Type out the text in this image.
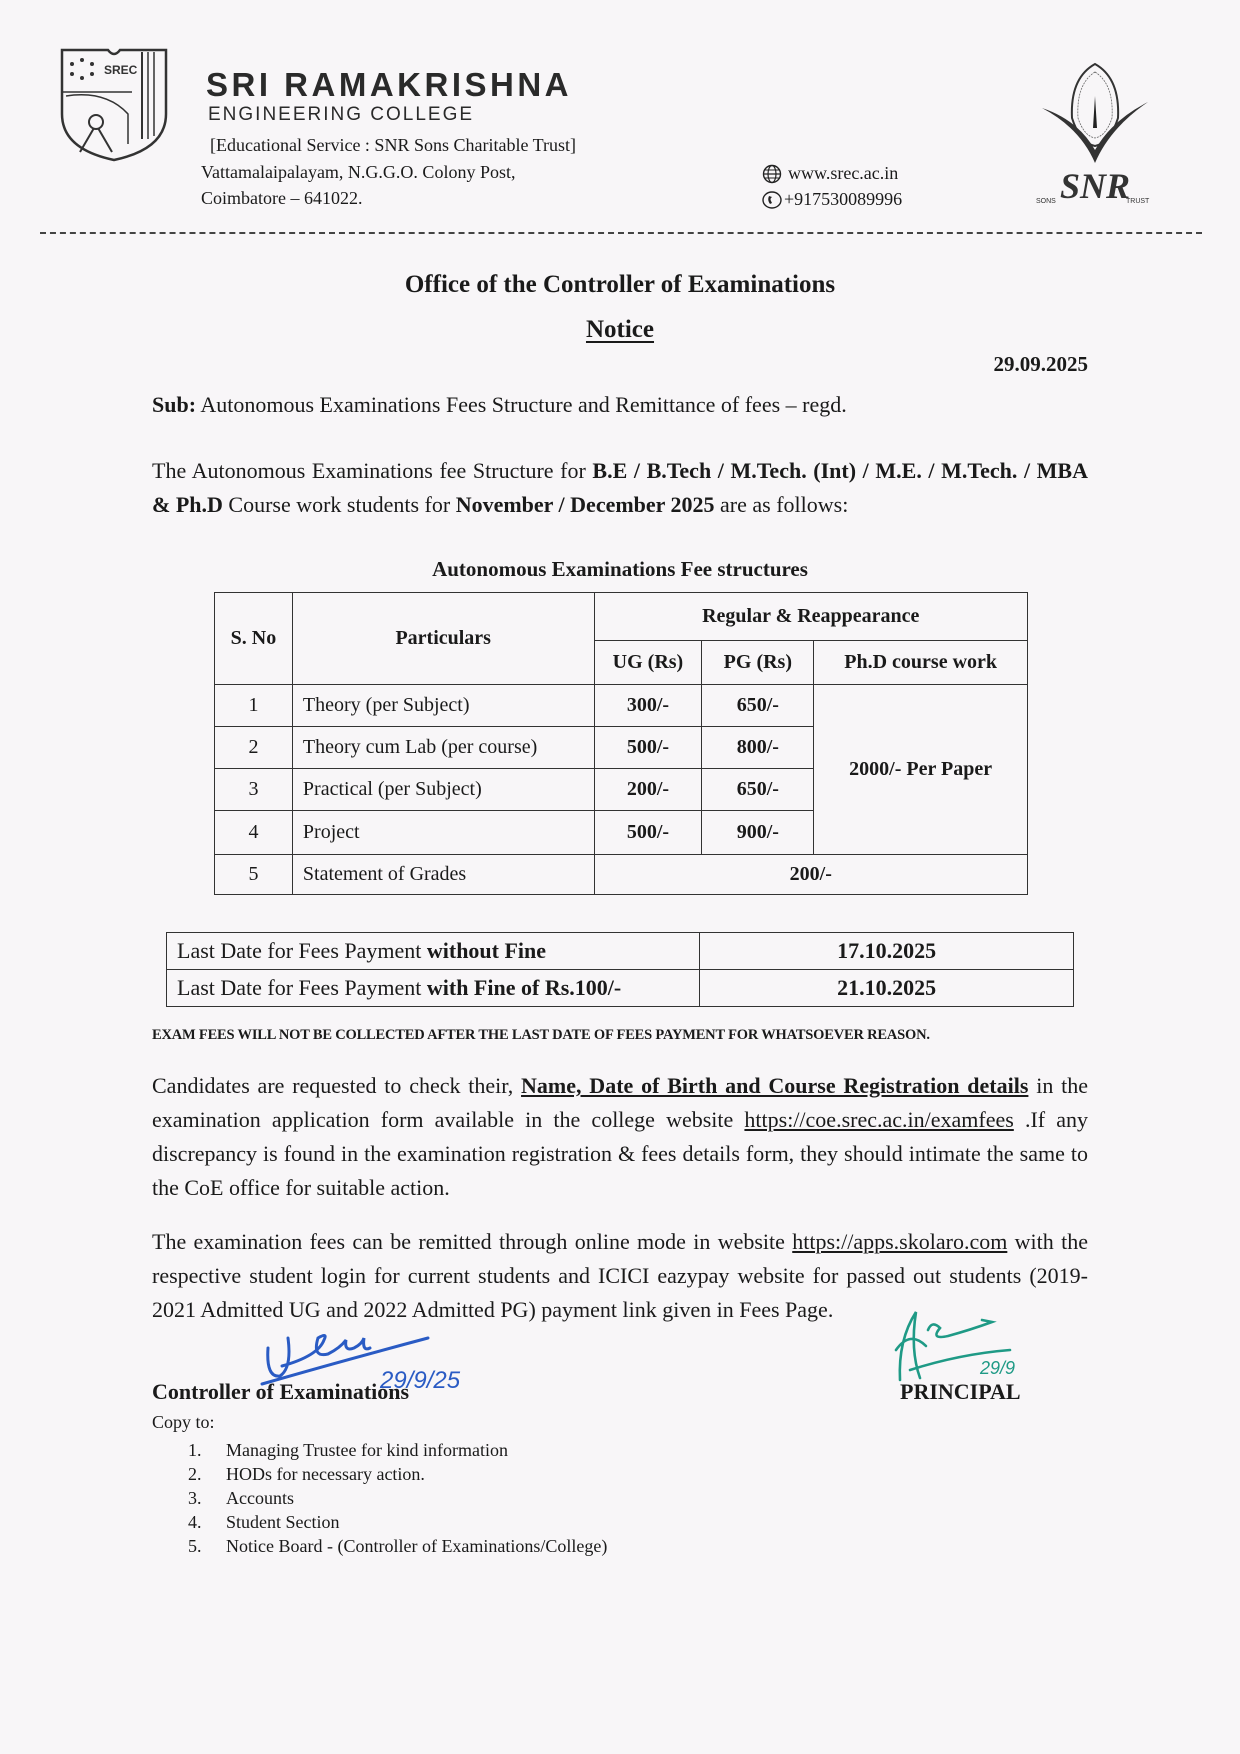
SREC SRI RAMAKRISHNA
ENGINEERING COLLEGE
[Educational Service : SNR Sons Charitable Trust]
Vattamalaipalayam, N.G.G.O. Colony Post,
Coimbatore – 641022.
www.srec.ac.in
+917530089996	SNR
SONS	TRUST
Office of the Controller of Examinations
Notice
29.09.2025
Sub: Autonomous Examinations Fees Structure and Remittance of fees – regd.
The Autonomous Examinations fee Structure for B.E / B.Tech / M.Tech. (Int) / M.E. / M.Tech. / MBA & Ph.D Course work students for November / December 2025 are as follows:
Autonomous Examinations Fee structures
S. No	Particulars	Regular & Reappearance		
		UG (Rs)	PG (Rs)	Ph.D course work
1	Theory (per Subject)	300/-	650/-	2000/- Per Paper
2	Theory cum Lab (per course)	500/-	800/-	
3	Practical (per Subject)	200/-	650/-	
4	Project	500/-	900/-	
5	Statement of Grades	200/-		
Last Date for Fees Payment without Fine	17.10.2025
Last Date for Fees Payment with Fine of Rs.100/-	21.10.2025
EXAM FEES WILL NOT BE COLLECTED AFTER THE LAST DATE OF FEES PAYMENT FOR WHATSOEVER REASON.
Candidates are requested to check their, Name, Date of Birth and Course Registration details in the examination application form available in the college website https://coe.srec.ac.in/examfees .If any discrepancy is found in the examination registration & fees details form, they should intimate the same to the CoE office for suitable action.
The examination fees can be remitted through online mode in website https://apps.skolaro.com with the respective student login for current students and ICICI eazypay website for passed out students (2019-2021 Admitted UG and 2022 Admitted PG) payment link given in Fees Page.
29/9/25	29/9
Controller of Examinations	PRINCIPAL
Copy to:
1. Managing Trustee for kind information
2. HODs for necessary action.
3. Accounts
4. Student Section
5. Notice Board - (Controller of Examinations/College)
